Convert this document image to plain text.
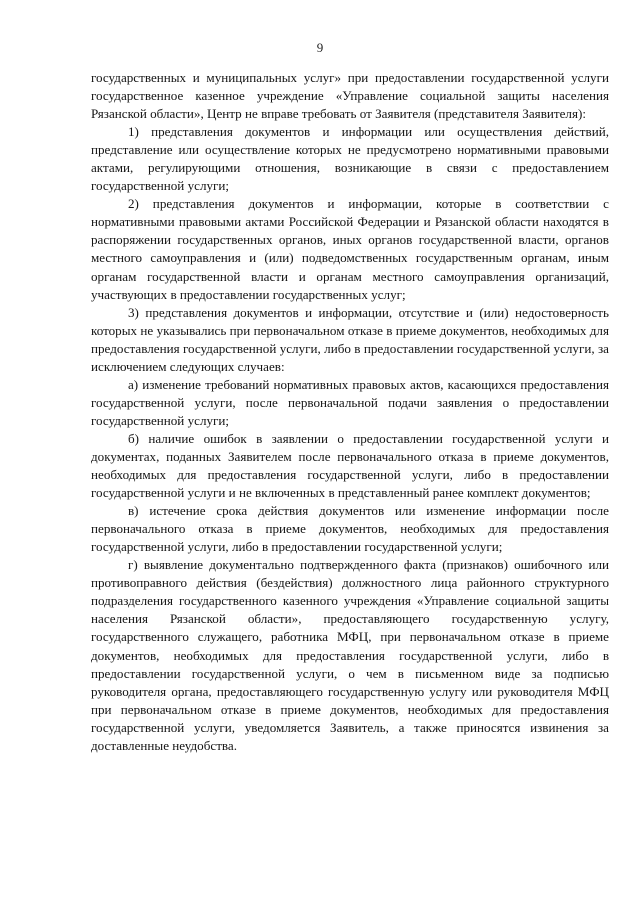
9

государственных и муниципальных услуг» при предоставлении государственной услуги государственное казенное учреждение «Управление социальной защиты населения Рязанской области», Центр не вправе требовать от Заявителя (представителя Заявителя):

1) представления документов и информации или осуществления действий, представление или осуществление которых не предусмотрено нормативными правовыми актами, регулирующими отношения, возникающие в связи с предоставлением государственной услуги;

2) представления документов и информации, которые в соответствии с нормативными правовыми актами Российской Федерации и Рязанской области находятся в распоряжении государственных органов, иных органов государственной власти, органов местного самоуправления и (или) подведомственных государственным органам, иным органам государственной власти и органам местного самоуправления организаций, участвующих в предоставлении государственных услуг;

3) представления документов и информации, отсутствие и (или) недостоверность которых не указывались при первоначальном отказе в приеме документов, необходимых для предоставления государственной услуги, либо в предоставлении государственной услуги, за исключением следующих случаев:

а) изменение требований нормативных правовых актов, касающихся предоставления государственной услуги, после первоначальной подачи заявления о предоставлении государственной услуги;

б) наличие ошибок в заявлении о предоставлении государственной услуги и документах, поданных Заявителем после первоначального отказа в приеме документов, необходимых для предоставления государственной услуги, либо в предоставлении государственной услуги и не включенных в представленный ранее комплект документов;

в) истечение срока действия документов или изменение информации после первоначального отказа в приеме документов, необходимых для предоставления государственной услуги, либо в предоставлении государственной услуги;

г) выявление документально подтвержденного факта (признаков) ошибочного или противоправного действия (бездействия) должностного лица районного структурного подразделения государственного казенного учреждения «Управление социальной защиты населения Рязанской области», предоставляющего государственную услугу, государственного служащего, работника МФЦ, при первоначальном отказе в приеме документов, необходимых для предоставления государственной услуги, либо в предоставлении государственной услуги, о чем в письменном виде за подписью руководителя органа, предоставляющего государственную услугу или руководителя МФЦ при первоначальном отказе в приеме документов, необходимых для предоставления государственной услуги, уведомляется Заявитель, а также приносятся извинения за доставленные неудобства.
